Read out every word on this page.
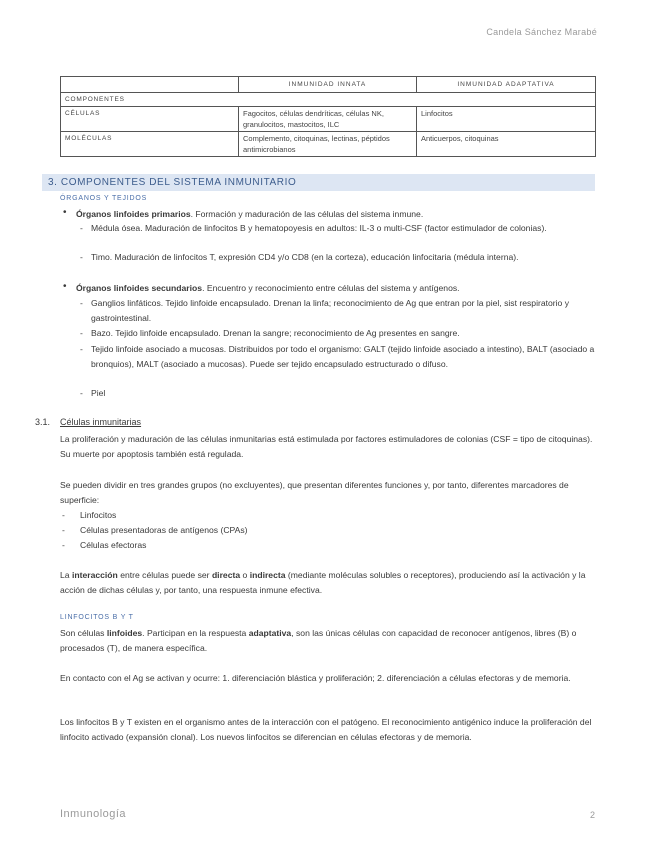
Candela Sánchez Marabé
	INMUNIDAD INNATA	INMUNIDAD ADAPTATIVA
COMPONENTES		
CÉLULAS	Fagocitos, células dendríticas, células NK, granulocitos, mastocitos, ILC	Linfocitos
MOLÉCULAS	Complemento, citoquinas, lectinas, péptidos antimicrobianos	Anticuerpos, citoquinas
3. COMPONENTES DEL SISTEMA INMUNITARIO
ÓRGANOS Y TEJIDOS
• Órganos linfoides primarios. Formación y maduración de las células del sistema inmune.
- Médula ósea. Maduración de linfocitos B y hematopoyesis en adultos: IL-3 o multi-CSF (factor estimulador de colonias).
- Timo. Maduración de linfocitos T, expresión CD4 y/o CD8 (en la corteza), educación linfocitaria (médula interna).
• Órganos linfoides secundarios. Encuentro y reconocimiento entre células del sistema y antígenos.
- Ganglios linfáticos. Tejido linfoide encapsulado. Drenan la linfa; reconocimiento de Ag que entran por la piel, sist respiratorio y gastrointestinal.
- Bazo. Tejido linfoide encapsulado. Drenan la sangre; reconocimiento de Ag presentes en sangre.
- Tejido linfoide asociado a mucosas. Distribuidos por todo el organismo: GALT (tejido linfoide asociado a intestino), BALT (asociado a bronquios), MALT (asociado a mucosas). Puede ser tejido encapsulado estructurado o difuso.
- Piel
3.1. Células inmunitarias
La proliferación y maduración de las células inmunitarias está estimulada por factores estimuladores de colonias (CSF = tipo de citoquinas). Su muerte por apoptosis también está regulada.
Se pueden dividir en tres grandes grupos (no excluyentes), que presentan diferentes funciones y, por tanto, diferentes marcadores de superficie:
- Linfocitos
- Células presentadoras de antígenos (CPAs)
- Células efectoras
La interacción entre células puede ser directa o indirecta (mediante moléculas solubles o receptores), produciendo así la activación y la acción de dichas células y, por tanto, una respuesta inmune efectiva.
LINFOCITOS B Y T
Son células linfoides. Participan en la respuesta adaptativa, son las únicas células con capacidad de reconocer antígenos, libres (B) o procesados (T), de manera específica.
En contacto con el Ag se activan y ocurre: 1. diferenciación blástica y proliferación; 2. diferenciación a células efectoras y de memoria.
Los linfocitos B y T existen en el organismo antes de la interacción con el patógeno. El reconocimiento antigénico induce la proliferación del linfocito activado (expansión clonal). Los nuevos linfocitos se diferencian en células efectoras y de memoria.
Inmunología	2
